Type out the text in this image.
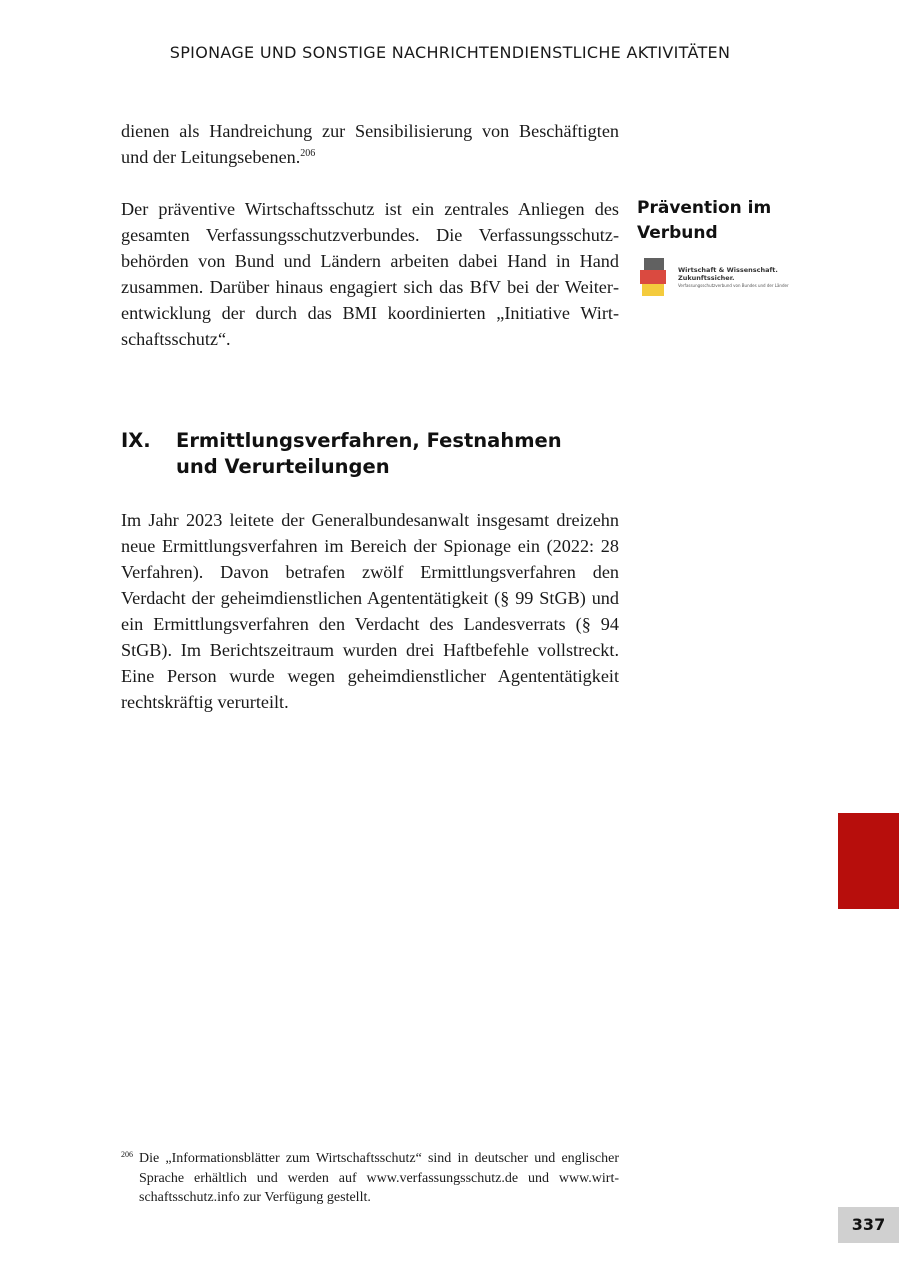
SPIONAGE UND SONSTIGE NACHRICHTENDIENSTLICHE AKTIVITÄTEN

dienen als Handreichung zur Sensibilisierung von Beschäftigten und der Leitungsebenen.$^{206}$

Der präventive Wirtschaftsschutz ist ein zentrales Anliegen des gesamten Verfassungsschutzverbundes. Die Verfassungsschutzbehörden von Bund und Ländern arbeiten dabei Hand in Hand zusammen. Darüber hinaus engagiert sich das BfV bei der Weiterentwicklung der durch das BMI koordinierten „Initiative Wirtschaftsschutz“.

Prävention im Verbund
Wirtschaft & Wissenschaft.
Zukunftssicher.
Verfassungsschutzverbund von Bundes und der Länder
IX.	Ermittlungsverfahren, Festnahmen und Verurteilungen

Im Jahr 2023 leitete der Generalbundesanwalt insgesamt dreizehn neue Ermittlungsverfahren im Bereich der Spionage ein (2022: 28 Verfahren). Davon betrafen zwölf Ermittlungsverfahren den Verdacht der geheimdienstlichen Agententätigkeit (§ 99 StGB) und ein Ermittlungsverfahren den Verdacht des Landesverrats (§ 94 StGB). Im Berichtszeitraum wurden drei Haftbefehle vollstreckt. Eine Person wurde wegen geheimdienstlicher Agententätigkeit rechtskräftig verurteilt.

206 Die „Informationsblätter zum Wirtschaftsschutz“ sind in deutscher und englischer Sprache erhältlich und werden auf www.verfassungsschutz.de und www.wirtschaftsschutz.info zur Verfügung gestellt.
337
